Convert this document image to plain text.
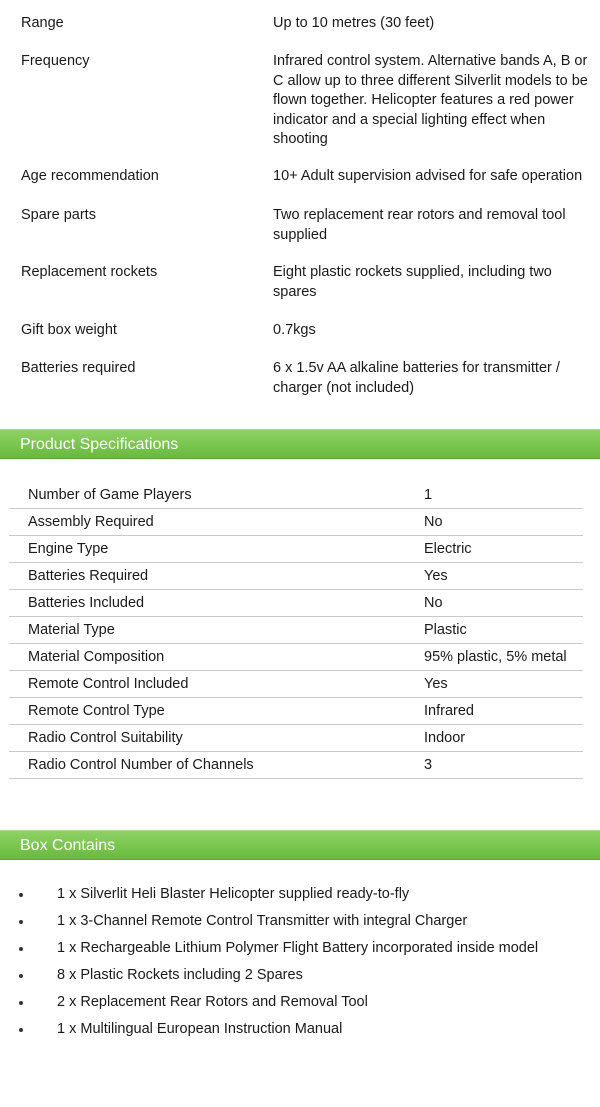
Range	Up to 10 metres (30 feet)
Frequency	Infrared control system. Alternative bands A, B or C allow up to three different Silverlit models to be flown together. Helicopter features a red power indicator and a special lighting effect when shooting
Age recommendation	10+ Adult supervision advised for safe operation
Spare parts	Two replacement rear rotors and removal tool supplied
Replacement rockets	Eight plastic rockets supplied, including two spares
Gift box weight	0.7kgs
Batteries required	6 x 1.5v AA alkaline batteries for transmitter / charger (not included)
Product Specifications
Number of Game Players	1
Assembly Required	No
Engine Type	Electric
Batteries Required	Yes
Batteries Included	No
Material Type	Plastic
Material Composition	95% plastic, 5% metal
Remote Control Included	Yes
Remote Control Type	Infrared
Radio Control Suitability	Indoor
Radio Control Number of Channels	3
Box Contains
1 x Silverlit Heli Blaster Helicopter supplied ready-to-fly
1 x 3-Channel Remote Control Transmitter with integral Charger
1 x Rechargeable Lithium Polymer Flight Battery incorporated inside model
8 x Plastic Rockets including 2 Spares
2 x Replacement Rear Rotors and Removal Tool
1 x Multilingual European Instruction Manual
